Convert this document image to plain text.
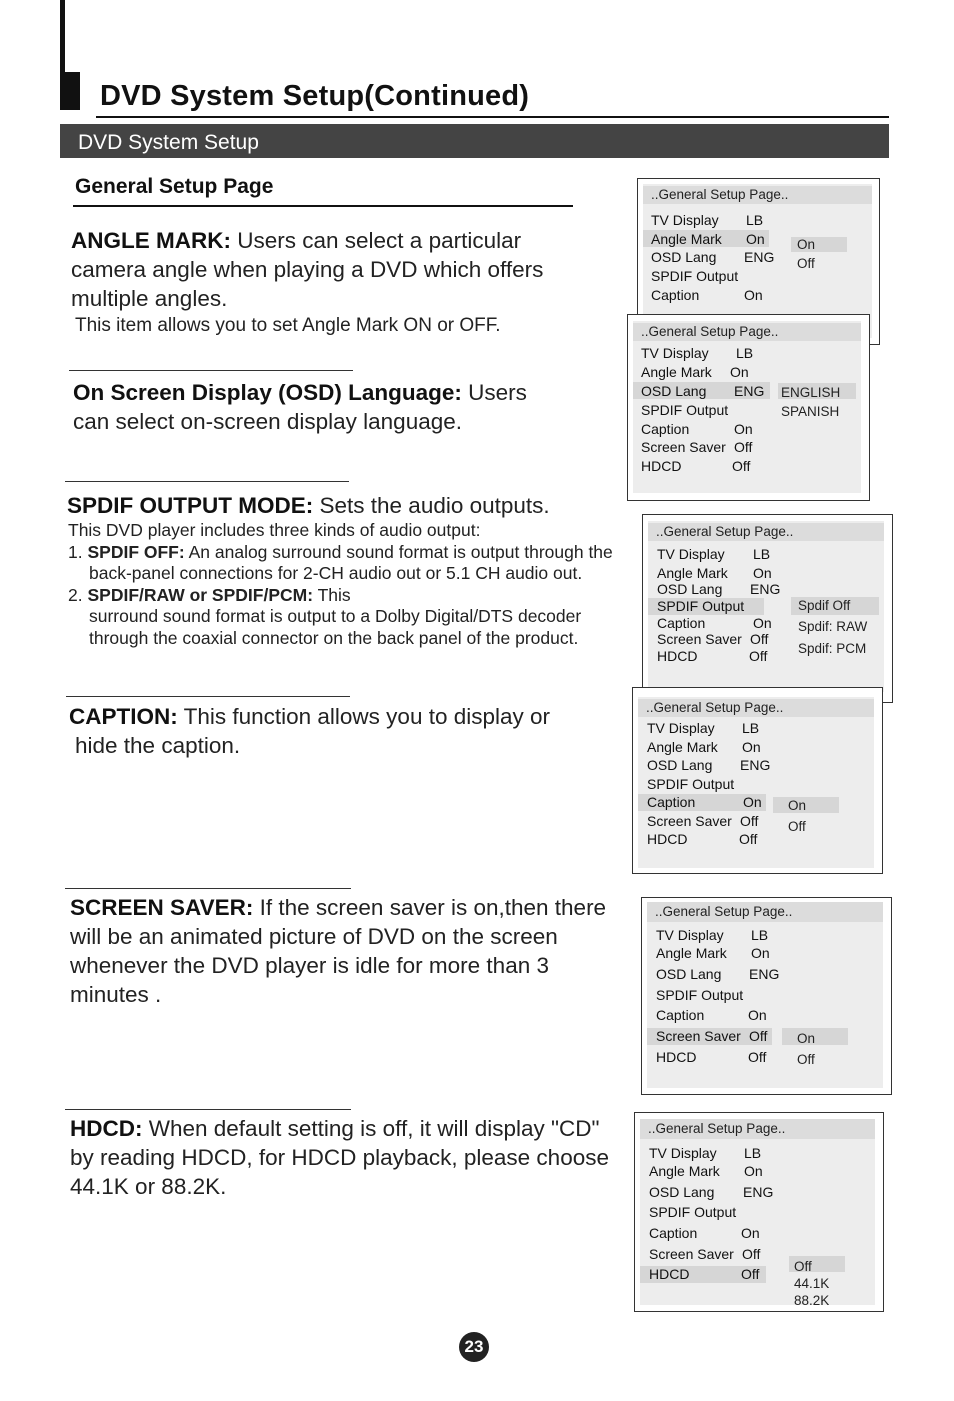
DVD System Setup(Continued)
DVD System Setup
General Setup Page
ANGLE MARK: Users can select a particular
camera angle when playing a DVD which offers
multiple angles.
This item allows you to set Angle Mark ON or OFF.
On Screen Display (OSD) Language: Users
can select on-screen display language.
SPDIF OUTPUT MODE: Sets the audio outputs.
This DVD player includes three kinds of audio output:
1. SPDIF OFF: An analog surround sound format is output through the
back-panel connections for 2-CH audio out or 5.1 CH audio out.
2. SPDIF/RAW or SPDIF/PCM: This
surround sound format is output to a Dolby Digital/DTS decoder
through the coaxial connector on the back panel of the product.
CAPTION: This function allows you to display or
hide the caption.
SCREEN SAVER: If the screen saver is on,then there
will be an animated picture of DVD on the screen
whenever the DVD player is idle for more than 3
minutes .
HDCD: When default setting is off, it will display "CD"
by reading HDCD, for HDCD playback, please choose
44.1K or 88.2K.
..General Setup Page..
TV Display LB
Angle Mark On
OSD Lang ENG
SPDIF Output
Caption	On
On
Off
..General Setup Page..
TV Display LB
Angle Mark On
OSD Lang ENG
SPDIF Output
Caption	On
Screen Saver Off
HDCD	Off
ENGLISH
SPANISH
..General Setup Page..
TV Display LB
Angle Mark On
OSD Lang ENG
SPDIF Output
Caption	On
Screen Saver Off
HDCD	Off
Spdif Off
Spdif: RAW
Spdif: PCM
..General Setup Page..
TV Display LB
Angle Mark On
OSD Lang ENG
SPDIF Output
Caption	On
Screen Saver Off
HDCD	Off
On
Off
..General Setup Page..
TV Display LB
Angle Mark On
OSD Lang ENG
SPDIF Output
Caption	On
Screen Saver Off
HDCD	Off
On
Off
..General Setup Page..
TV Display LB
Angle Mark On
OSD Lang ENG
SPDIF Output
Caption	On
Screen Saver Off
HDCD	Off	Off
44.1K
88.2K
23
